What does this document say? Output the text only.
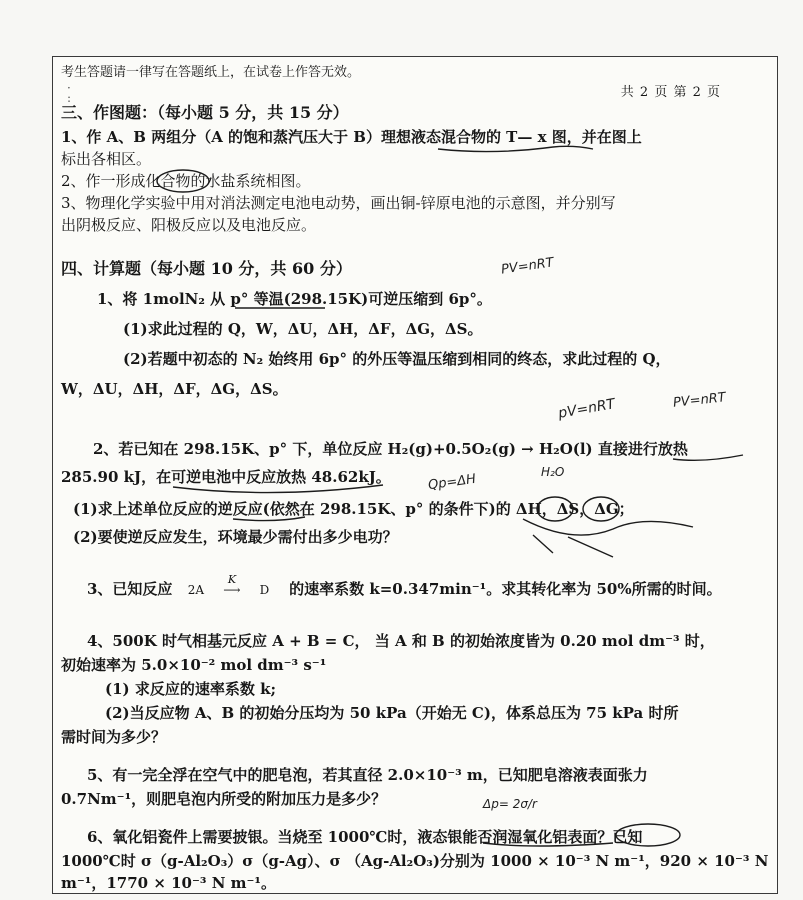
考生答题请一律写在答题纸上，在试卷上作答无效。
·
:	共 2 页 第 2 页
三、作图题：（每小题 5 分，共 15 分）
1、作 A、B 两组分（A 的饱和蒸汽压大于 B）理想液态混合物的 T— x 图，并在图上
标出各相区。
2、作一形成化合物的水盐系统相图。
3、物理化学实验中用对消法测定电池电动势，画出铜-锌原电池的示意图，并分别写
出阴极反应、阳极反应以及电池反应。
四、计算题（每小题 10 分，共 60 分）
1、将 1molN₂ 从 p° 等温(298.15K)可逆压缩到 6p°。
(1)求此过程的 Q，W，ΔU，ΔH，ΔF，ΔG，ΔS。
(2)若题中初态的 N₂ 始终用 6p° 的外压等温压缩到相同的终态，求此过程的 Q，
W，ΔU，ΔH，ΔF，ΔG，ΔS。
2、若已知在 298.15K、p° 下，单位反应 H₂(g)+0.5O₂(g) → H₂O(l) 直接进行放热
285.90 kJ，在可逆电池中反应放热 48.62kJ。
(1)求上述单位反应的逆反应(依然在 298.15K、p° 的条件下)的 ΔH，ΔS，ΔG；
(2)要使逆反应发生，环境最少需付出多少电功？
3、已知反应 2A
K
⟶ D 的速率系数 k=0.347min⁻¹。求其转化率为 50%所需的时间。
4、500K 时气相基元反应 A + B = C， 当 A 和 B 的初始浓度皆为 0.20 mol dm⁻³ 时，
初始速率为 5.0×10⁻² mol dm⁻³ s⁻¹
(1) 求反应的速率系数 k;
(2)当反应物 A、B 的初始分压均为 50 kPa（开始无 C)，体系总压为 75 kPa 时所
需时间为多少？
5、有一完全浮在空气中的肥皂泡，若其直径 2.0×10⁻³ m，已知肥皂溶液表面张力
0.7Nm⁻¹，则肥皂泡内所受的附加压力是多少？
6、氧化铝瓷件上需要披银。当烧至 1000℃时，液态银能否润湿氧化铝表面？已知
1000℃时 σ（g-Al₂O₃）σ（g-Ag）、σ （Ag-Al₂O₃)分别为 1000 × 10⁻³ N m⁻¹，920 × 10⁻³ N
m⁻¹，1770 × 10⁻³ N m⁻¹。
PV=nRT
pV=nRT	PV=nRT
Qp=ΔH	H₂O
Δp= 2σ/r
